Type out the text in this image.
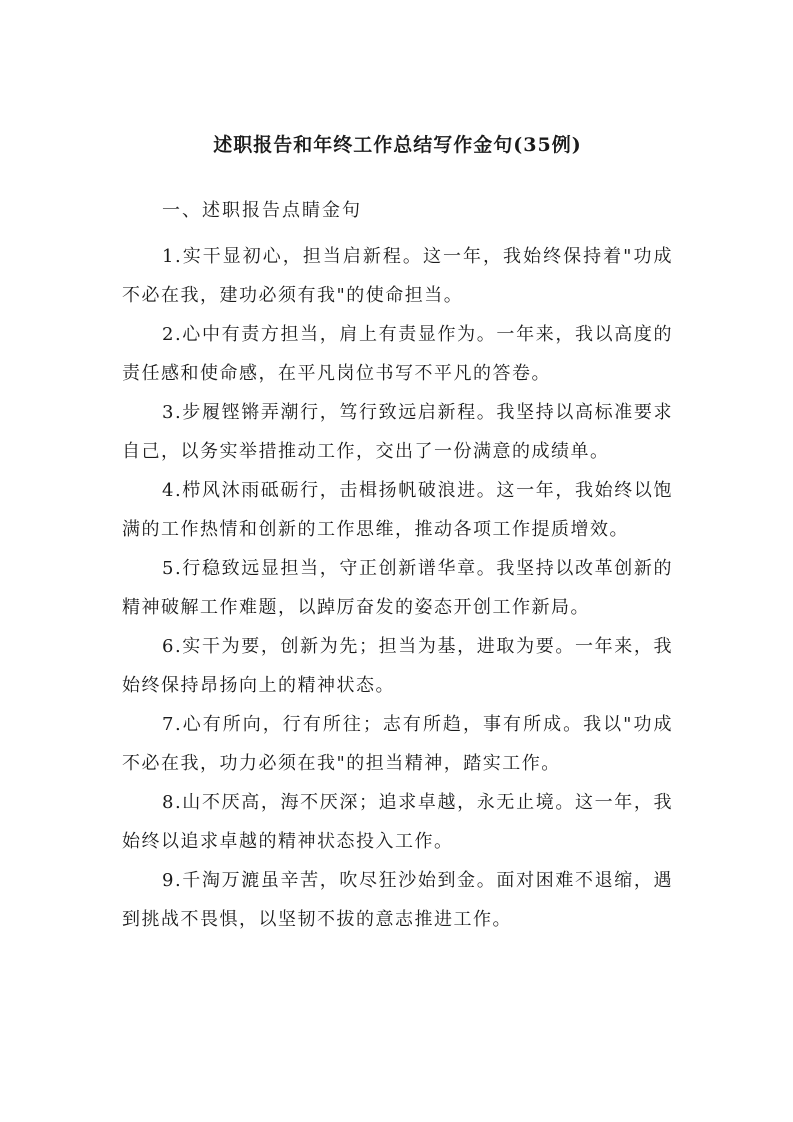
述职报告和年终工作总结写作金句(35例)

一、述职报告点睛金句

1.实干显初心，担当启新程。这一年，我始终保持着"功成不必在我，建功必须有我"的使命担当。

2.心中有责方担当，肩上有责显作为。一年来，我以高度的责任感和使命感，在平凡岗位书写不平凡的答卷。

3.步履铿锵弄潮行，笃行致远启新程。我坚持以高标准要求自己，以务实举措推动工作，交出了一份满意的成绩单。

4.栉风沐雨砥砺行，击楫扬帆破浪进。这一年，我始终以饱满的工作热情和创新的工作思维，推动各项工作提质增效。

5.行稳致远显担当，守正创新谱华章。我坚持以改革创新的精神破解工作难题，以踔厉奋发的姿态开创工作新局。

6.实干为要，创新为先；担当为基，进取为要。一年来，我始终保持昂扬向上的精神状态。

7.心有所向，行有所往；志有所趋，事有所成。我以"功成不必在我，功力必须在我"的担当精神，踏实工作。

8.山不厌高，海不厌深；追求卓越，永无止境。这一年，我始终以追求卓越的精神状态投入工作。

9.千淘万漉虽辛苦，吹尽狂沙始到金。面对困难不退缩，遇到挑战不畏惧，以坚韧不拔的意志推进工作。
